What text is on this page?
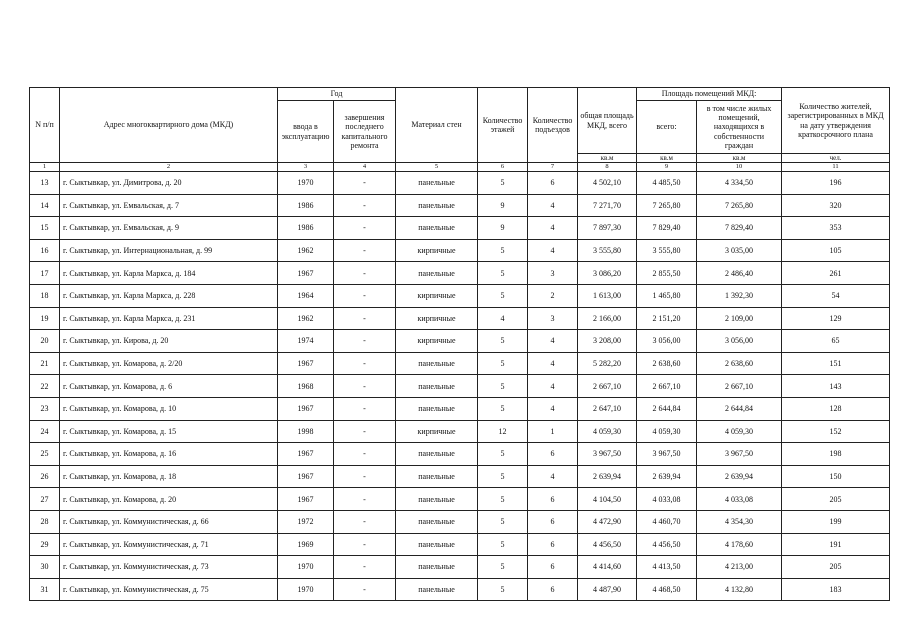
N п/п	Адрес многоквартирного дома (МКД)	Год		Материал стен	Количество этажей	Количество подъездов	общая площадь МКД, всего	Площадь помещений МКД:		Количество жителей, зарегистрированных в МКД на дату утверждения краткосрочного плана
		ввода в эксплуатацию	завершения последнего капитального ремонта					всего:	в том числе жилых помещений, находящихся в собственности граждан	
							кв.м	кв.м	кв.м	чел.
1	2	3	4	5	6	7	8	9	10	11
13	г. Сыктывкар, ул. Димитрова, д. 20	1970	-	панельные	5	6	4 502,10	4 485,50	4 334,50	196
14	г. Сыктывкар, ул. Емвальская, д. 7	1986	-	панельные	9	4	7 271,70	7 265,80	7 265,80	320
15	г. Сыктывкар, ул. Емвальская, д. 9	1986	-	панельные	9	4	7 897,30	7 829,40	7 829,40	353
16	г. Сыктывкар, ул. Интернациональная, д. 99	1962	-	кирпичные	5	4	3 555,80	3 555,80	3 035,00	105
17	г. Сыктывкар, ул. Карла Маркса, д. 184	1967	-	панельные	5	3	3 086,20	2 855,50	2 486,40	261
18	г. Сыктывкар, ул. Карла Маркса, д. 228	1964	-	кирпичные	5	2	1 613,00	1 465,80	1 392,30	54
19	г. Сыктывкар, ул. Карла Маркса, д. 231	1962	-	кирпичные	4	3	2 166,00	2 151,20	2 109,00	129
20	г. Сыктывкар, ул. Кирова, д. 20	1974	-	кирпичные	5	4	3 208,00	3 056,00	3 056,00	65
21	г. Сыктывкар, ул. Комарова, д. 2/20	1967	-	панельные	5	4	5 282,20	2 638,60	2 638,60	151
22	г. Сыктывкар, ул. Комарова, д. 6	1968	-	панельные	5	4	2 667,10	2 667,10	2 667,10	143
23	г. Сыктывкар, ул. Комарова, д. 10	1967	-	панельные	5	4	2 647,10	2 644,84	2 644,84	128
24	г. Сыктывкар, ул. Комарова, д. 15	1998	-	кирпичные	12	1	4 059,30	4 059,30	4 059,30	152
25	г. Сыктывкар, ул. Комарова, д. 16	1967	-	панельные	5	6	3 967,50	3 967,50	3 967,50	198
26	г. Сыктывкар, ул. Комарова, д. 18	1967	-	панельные	5	4	2 639,94	2 639,94	2 639,94	150
27	г. Сыктывкар, ул. Комарова, д. 20	1967	-	панельные	5	6	4 104,50	4 033,08	4 033,08	205
28	г. Сыктывкар, ул. Коммунистическая, д. 66	1972	-	панельные	5	6	4 472,90	4 460,70	4 354,30	199
29	г. Сыктывкар, ул. Коммунистическая, д. 71	1969	-	панельные	5	6	4 456,50	4 456,50	4 178,60	191
30	г. Сыктывкар, ул. Коммунистическая, д. 73	1970	-	панельные	5	6	4 414,60	4 413,50	4 213,00	205
31	г. Сыктывкар, ул. Коммунистическая, д. 75	1970	-	панельные	5	6	4 487,90	4 468,50	4 132,80	183
